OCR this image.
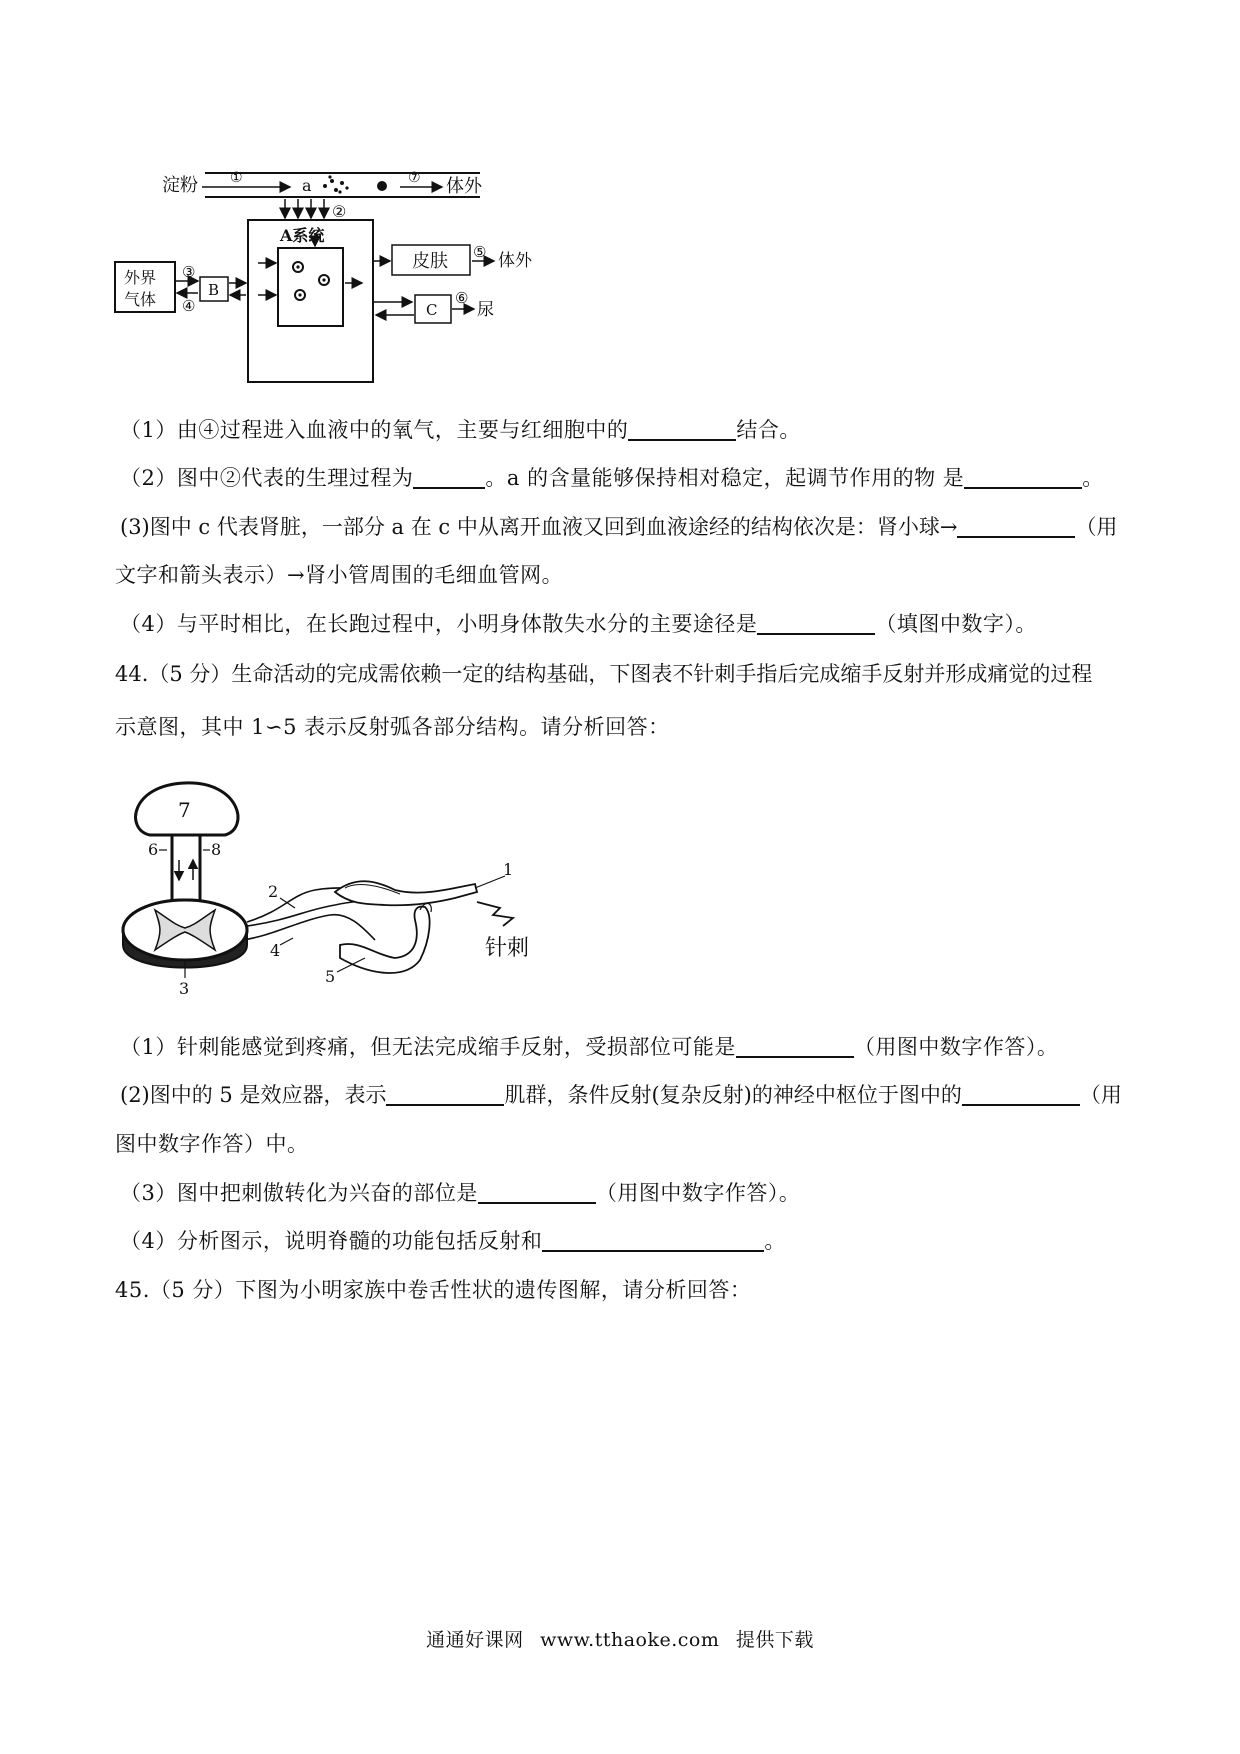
淀粉 ①	a	⑦ 体外
②
A系统
皮肤 ⑤ 体外
外界
气体
③
④
B
C
⑥
尿
（1）由④过程进入血液中的氧气，主要与红细胞中的	结合。
（2）图中②代表的生理过程为	。a 的含量能够保持相对稳定，起调节作用的物 是	。
(3)图中 c 代表肾脏，一部分 a 在 c 中从离开血液又回到血液途经的结构依次是：肾小球→	（用
文字和箭头表示）→肾小管周围的毛细血管网。
（4）与平时相比，在长跑过程中，小明身体散失水分的主要途径是	（填图中数字）。
44.（5 分）生命活动的完成需依赖一定的结构基础，下图表不针刺手指后完成缩手反射并形成痛觉的过程
示意图，其中 1∽5 表示反射弧各部分结构。请分析回答：
7
6	8
3
2
4
1
5
针刺
（1）针刺能感觉到疼痛，但无法完成缩手反射，受损部位可能是	（用图中数字作答）。
(2)图中的 5 是效应器，表示	肌群，条件反射(复杂反射)的神经中枢位于图中的	（用
图中数字作答）中。
（3）图中把刺傲转化为兴奋的部位是	（用图中数字作答）。
（4）分析图示，说明脊髓的功能包括反射和	。
45.（5 分）下图为小明家族中卷舌性状的遗传图解，请分析回答：
通通好课网 www.tthaoke.com 提供下载
